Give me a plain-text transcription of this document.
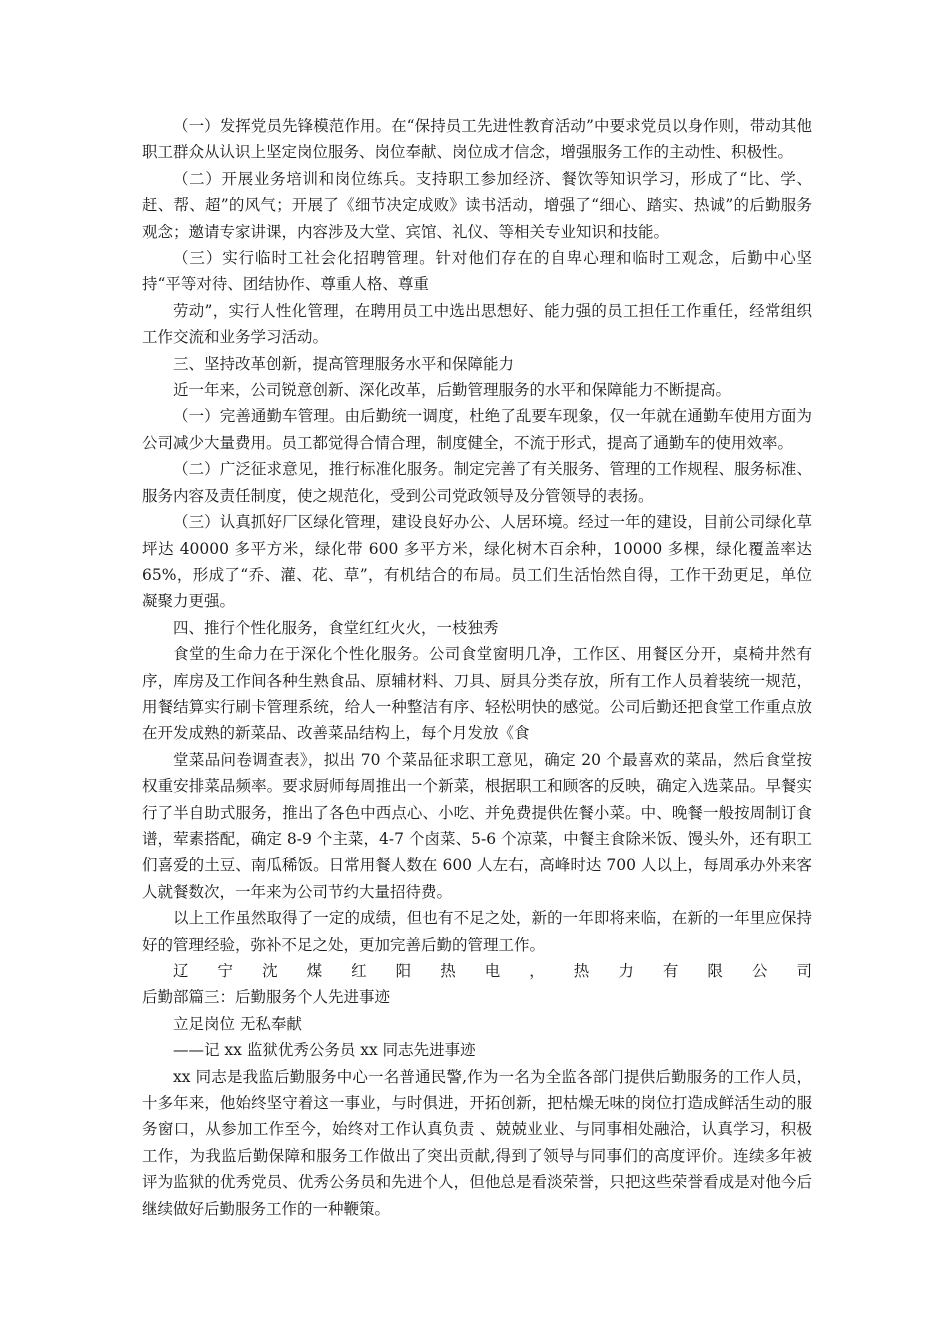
（一）发挥党员先锋模范作用。在“保持员工先进性教育活动”中要求党员以身作则，带动其他职工群众从认识上坚定岗位服务、岗位奉献、岗位成才信念，增强服务工作的主动性、积极性。

（二）开展业务培训和岗位练兵。支持职工参加经济、餐饮等知识学习，形成了“比、学、赶、帮、超”的风气；开展了《细节决定成败》读书活动，增强了“细心、踏实、热诚”的后勤服务观念；邀请专家讲课，内容涉及大堂、宾馆、礼仪、等相关专业知识和技能。

（三）实行临时工社会化招聘管理。针对他们存在的自卑心理和临时工观念，后勤中心坚持“平等对待、团结协作、尊重人格、尊重

劳动”，实行人性化管理，在聘用员工中选出思想好、能力强的员工担任工作重任，经常组织工作交流和业务学习活动。

三、坚持改革创新，提高管理服务水平和保障能力

近一年来，公司锐意创新、深化改革，后勤管理服务的水平和保障能力不断提高。

（一）完善通勤车管理。由后勤统一调度，杜绝了乱要车现象，仅一年就在通勤车使用方面为公司减少大量费用。员工都觉得合情合理，制度健全，不流于形式，提高了通勤车的使用效率。

（二）广泛征求意见，推行标准化服务。制定完善了有关服务、管理的工作规程、服务标准、服务内容及责任制度，使之规范化，受到公司党政领导及分管领导的表扬。

（三）认真抓好厂区绿化管理，建设良好办公、人居环境。经过一年的建设，目前公司绿化草坪达 40000 多平方米，绿化带 600 多平方米，绿化树木百余种，10000 多棵，绿化覆盖率达 65%，形成了“乔、灌、花、草”，有机结合的布局。员工们生活怡然自得，工作干劲更足，单位凝聚力更强。

四、推行个性化服务，食堂红红火火，一枝独秀

食堂的生命力在于深化个性化服务。公司食堂窗明几净，工作区、用餐区分开，桌椅井然有序，库房及工作间各种生熟食品、原辅材料、刀具、厨具分类存放，所有工作人员着装统一规范，用餐结算实行刷卡管理系统，给人一种整洁有序、轻松明快的感觉。公司后勤还把食堂工作重点放在开发成熟的新菜品、改善菜品结构上，每个月发放《食

堂菜品问卷调查表》，拟出 70 个菜品征求职工意见，确定 20 个最喜欢的菜品，然后食堂按权重安排菜品频率。要求厨师每周推出一个新菜，根据职工和顾客的反映，确定入选菜品。早餐实行了半自助式服务，推出了各色中西点心、小吃、并免费提供佐餐小菜。中、晚餐一般按周制订食谱，荤素搭配，确定 8-9 个主菜，4-7 个卤菜、5-6 个凉菜，中餐主食除米饭、馒头外，还有职工们喜爱的土豆、南瓜稀饭。日常用餐人数在 600 人左右，高峰时达 700 人以上，每周承办外来客人就餐数次，一年来为公司节约大量招待费。

以上工作虽然取得了一定的成绩，但也有不足之处，新的一年即将来临，在新的一年里应保持好的管理经验，弥补不足之处，更加完善后勤的管理工作。

辽宁沈煤红阳热电，热力有限公司

后勤部篇三：后勤服务个人先进事迹

立足岗位 无私奉献

——记 xx 监狱优秀公务员 xx 同志先进事迹

xx 同志是我监后勤服务中心一名普通民警,作为一名为全监各部门提供后勤服务的工作人员，十多年来，他始终坚守着这一事业，与时俱进，开拓创新，把枯燥无味的岗位打造成鲜活生动的服务窗口，从参加工作至今，始终对工作认真负责 、兢兢业业、与同事相处融洽，认真学习，积极工作，为我监后勤保障和服务工作做出了突出贡献,得到了领导与同事们的高度评价。连续多年被评为监狱的优秀党员、优秀公务员和先进个人，但他总是看淡荣誉，只把这些荣誉看成是对他今后继续做好后勤服务工作的一种鞭策。
